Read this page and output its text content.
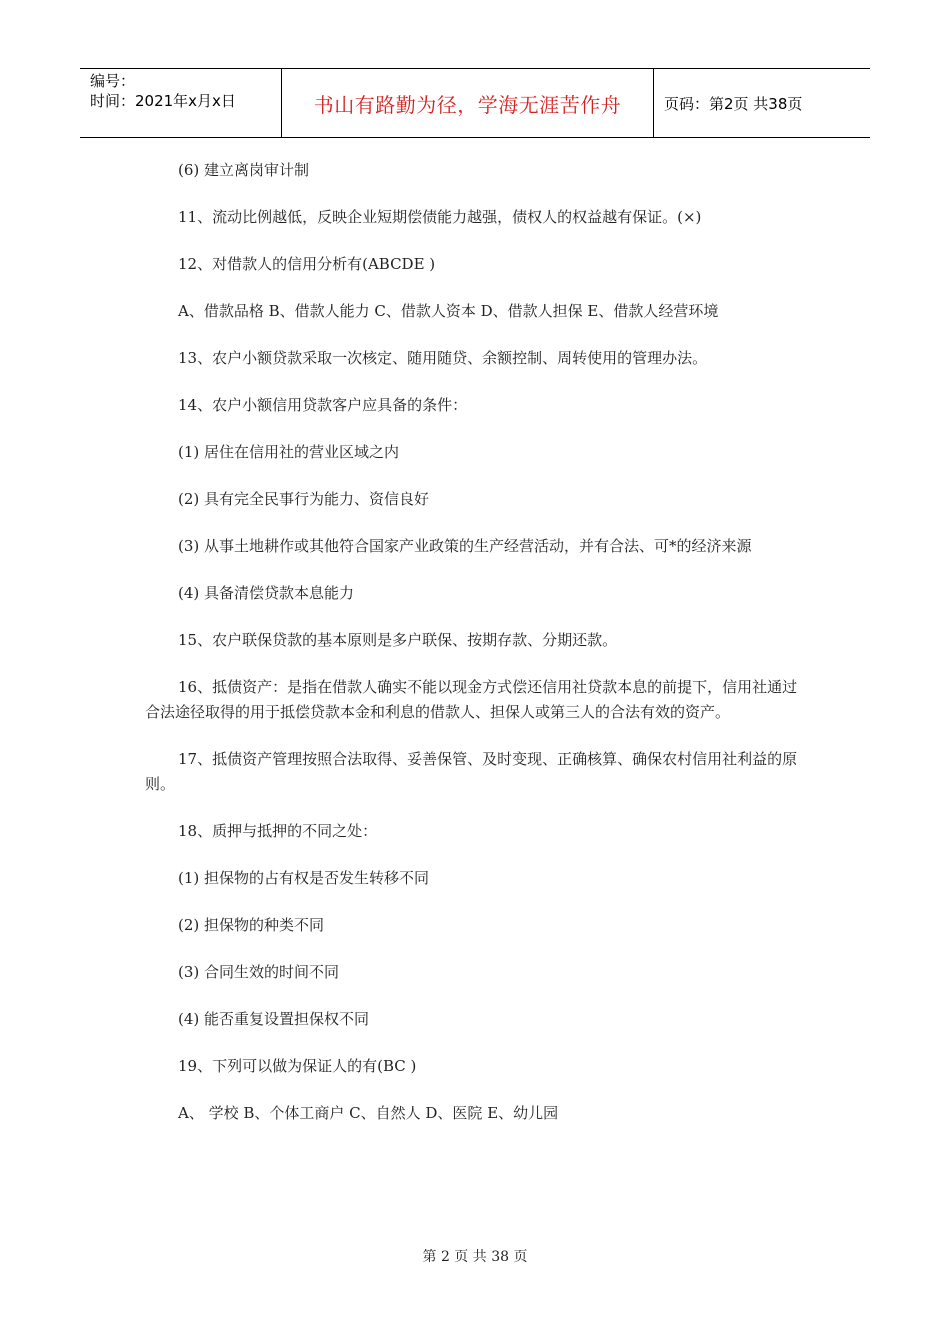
编号：
时间：2021年x月x日	书山有路勤为径，学海无涯苦作舟	页码：第2页 共38页

(6) 建立离岗审计制

11、流动比例越低，反映企业短期偿债能力越强，债权人的权益越有保证。(×)

12、对借款人的信用分析有(ABCDE )

A、借款品格 B、借款人能力 C、借款人资本 D、借款人担保 E、借款人经营环境

13、农户小额贷款采取一次核定、随用随贷、余额控制、周转使用的管理办法。

14、农户小额信用贷款客户应具备的条件：

(1) 居住在信用社的营业区域之内

(2) 具有完全民事行为能力、资信良好

(3) 从事土地耕作或其他符合国家产业政策的生产经营活动，并有合法、可*的经济来源

(4) 具备清偿贷款本息能力

15、农户联保贷款的基本原则是多户联保、按期存款、分期还款。

16、抵债资产：是指在借款人确实不能以现金方式偿还信用社贷款本息的前提下，信用社通过合法途径取得的用于抵偿贷款本金和利息的借款人、担保人或第三人的合法有效的资产。

17、抵债资产管理按照合法取得、妥善保管、及时变现、正确核算、确保农村信用社利益的原则。

18、质押与抵押的不同之处：

(1) 担保物的占有权是否发生转移不同

(2) 担保物的种类不同

(3) 合同生效的时间不同

(4) 能否重复设置担保权不同

19、下列可以做为保证人的有(BC )

A、 学校 B、个体工商户 C、自然人 D、医院 E、幼儿园

第 2 页 共 38 页
